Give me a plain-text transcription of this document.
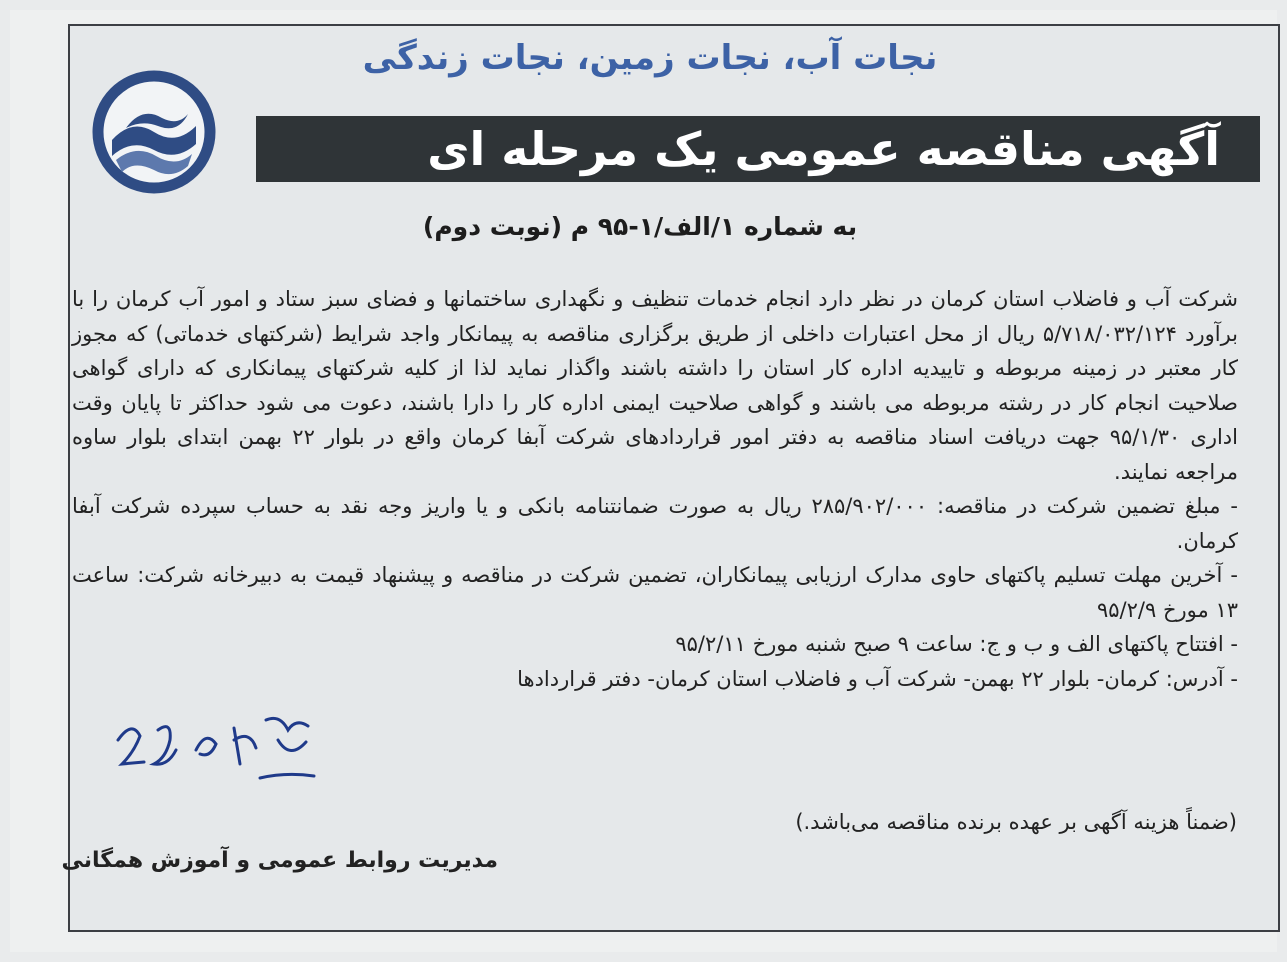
نجات آب، نجات زمین، نجات زندگی
آگهی مناقصه عمومی یک مرحله ای
به شماره ۱/الف/۱-۹۵ م (نوبت دوم)

شرکت آب و فاضلاب استان کرمان در نظر دارد انجام خدمات تنظیف و نگهداری ساختمانها و فضای سبز ستاد و امور آب کرمان را با برآورد ۵/۷۱۸/۰۳۲/۱۲۴ ریال از محل اعتبارات داخلی از طریق برگزاری مناقصه به پیمانکار واجد شرایط (شرکتهای خدماتی) که مجوز کار معتبر در زمینه مربوطه و تاییدیه اداره کار استان را داشته باشند واگذار نماید لذا از کلیه شرکتهای پیمانکاری که دارای گواهی صلاحیت انجام کار در رشته مربوطه می باشند و گواهی صلاحیت ایمنی اداره کار را دارا باشند، دعوت می شود حداکثر تا پایان وقت اداری ۹۵/۱/۳۰ جهت دریافت اسناد مناقصه به دفتر امور قراردادهای شرکت آبفا کرمان واقع در بلوار ۲۲ بهمن ابتدای بلوار ساوه مراجعه نمایند.

- مبلغ تضمین شرکت در مناقصه: ۲۸۵/۹۰۲/۰۰۰ ریال به صورت ضمانتنامه بانکی و یا واریز وجه نقد به حساب سپرده شرکت آبفا کرمان.

- آخرین مهلت تسلیم پاکتهای حاوی مدارک ارزیابی پیمانکاران، تضمین شرکت در مناقصه و پیشنهاد قیمت به دبیرخانه شرکت: ساعت ۱۳ مورخ ۹۵/۲/۹

- افتتاح پاکتهای الف و ب و ج: ساعت ۹ صبح شنبه مورخ ۹۵/۲/۱۱

- آدرس: کرمان- بلوار ۲۲ بهمن- شرکت آب و فاضلاب استان کرمان- دفتر قراردادها

(ضمناً هزینه آگهی بر عهده برنده مناقصه می‌باشد.)
مدیریت روابط عمومی و آموزش همگانی
